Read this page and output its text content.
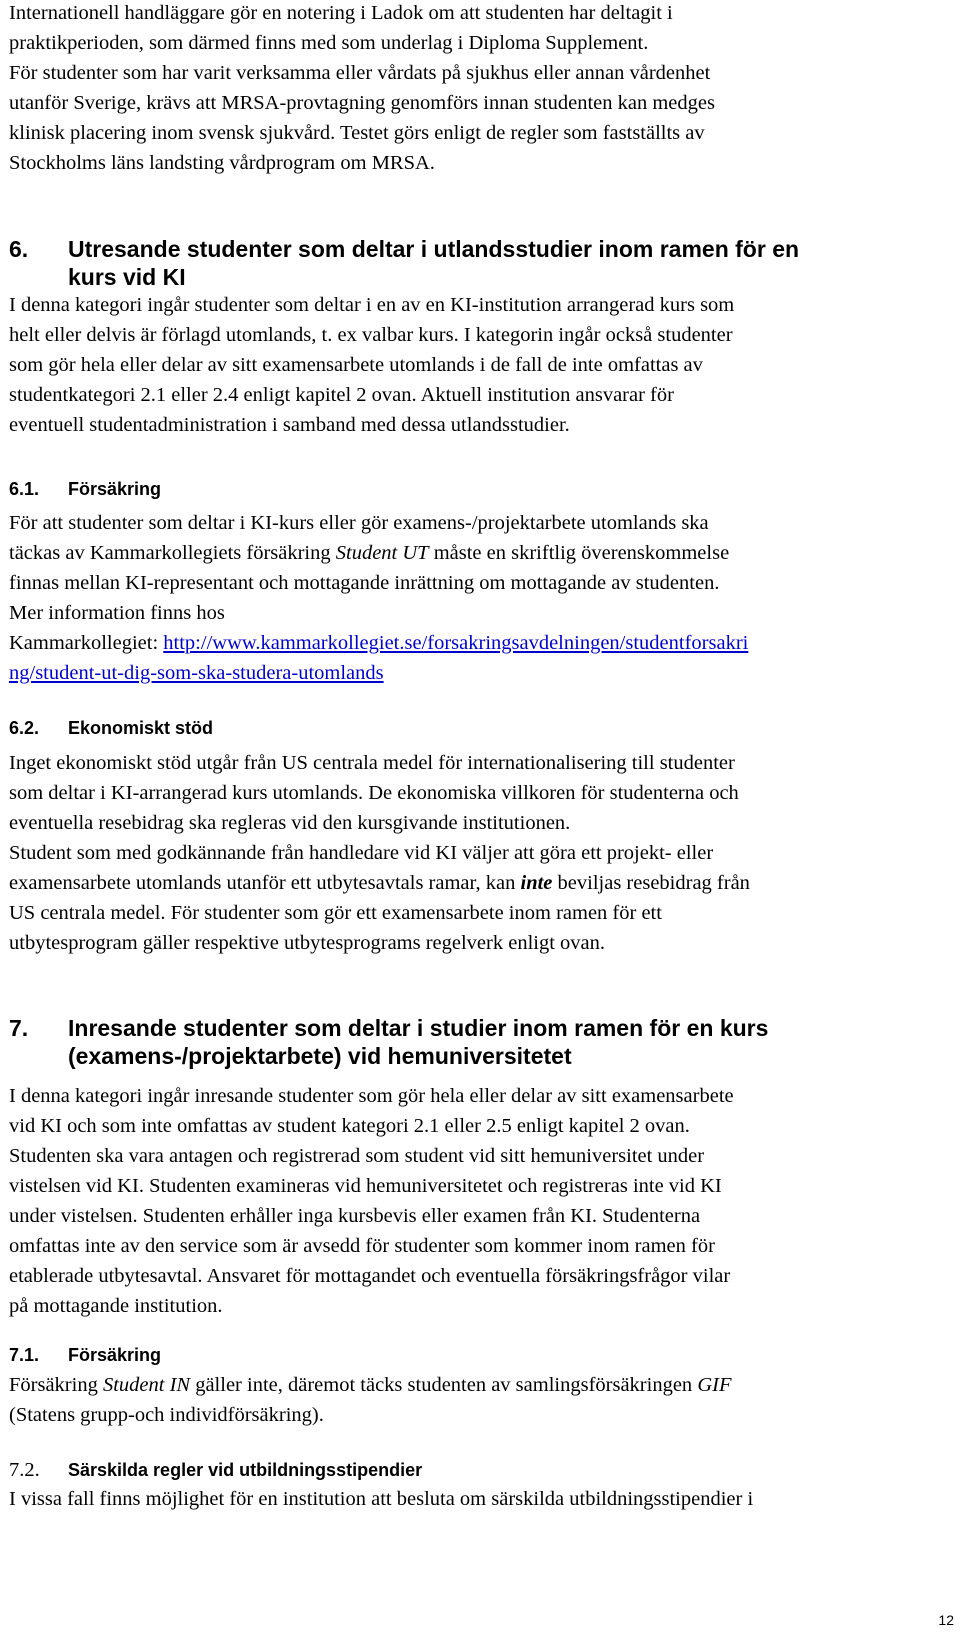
Internationell handläggare gör en notering i Ladok om att studenten har deltagit i

praktikperioden, som därmed finns med som underlag i Diploma Supplement.

För studenter som har varit verksamma eller vårdats på sjukhus eller annan vårdenhet

utanför Sverige, krävs att MRSA-provtagning genomförs innan studenten kan medges

klinisk placering inom svensk sjukvård. Testet görs enligt de regler som fastställts av

Stockholms läns landsting vårdprogram om MRSA.

6.	Utresande studenter som deltar i utlandsstudier inom ramen för en
kurs vid KI

I denna kategori ingår studenter som deltar i en av en KI-institution arrangerad kurs som

helt eller delvis är förlagd utomlands, t. ex valbar kurs. I kategorin ingår också studenter

som gör hela eller delar av sitt examensarbete utomlands i de fall de inte omfattas av

studentkategori 2.1 eller 2.4 enligt kapitel 2 ovan. Aktuell institution ansvarar för

eventuell studentadministration i samband med dessa utlandsstudier.

6.1.	Försäkring

För att studenter som deltar i KI-kurs eller gör examens-/projektarbete utomlands ska

täckas av Kammarkollegiets försäkring Student UT måste en skriftlig överenskommelse

finnas mellan KI-representant och mottagande inrättning om mottagande av studenten.

Mer information finns hos

Kammarkollegiet: http://www.kammarkollegiet.se/forsakringsavdelningen/studentforsakri

ng/student-ut-dig-som-ska-studera-utomlands

6.2.	Ekonomiskt stöd

Inget ekonomiskt stöd utgår från US centrala medel för internationalisering till studenter

som deltar i KI-arrangerad kurs utomlands. De ekonomiska villkoren för studenterna och

eventuella resebidrag ska regleras vid den kursgivande institutionen.

Student som med godkännande från handledare vid KI väljer att göra ett projekt- eller

examensarbete utomlands utanför ett utbytesavtals ramar, kan inte beviljas resebidrag från

US centrala medel. För studenter som gör ett examensarbete inom ramen för ett

utbytesprogram gäller respektive utbytesprograms regelverk enligt ovan.

7.	Inresande studenter som deltar i studier inom ramen för en kurs
(examens-/projektarbete) vid hemuniversitetet

I denna kategori ingår inresande studenter som gör hela eller delar av sitt examensarbete

vid KI och som inte omfattas av student kategori 2.1 eller 2.5 enligt kapitel 2 ovan.

Studenten ska vara antagen och registrerad som student vid sitt hemuniversitet under

vistelsen vid KI. Studenten examineras vid hemuniversitetet och registreras inte vid KI

under vistelsen. Studenten erhåller inga kursbevis eller examen från KI. Studenterna

omfattas inte av den service som är avsedd för studenter som kommer inom ramen för

etablerade utbytesavtal. Ansvaret för mottagandet och eventuella försäkringsfrågor vilar

på mottagande institution.

7.1.	Försäkring

Försäkring Student IN gäller inte, däremot täcks studenten av samlingsförsäkringen GIF

(Statens grupp-och individförsäkring).

7.2.	Särskilda regler vid utbildningsstipendier

I vissa fall finns möjlighet för en institution att besluta om särskilda utbildningsstipendier i

12
